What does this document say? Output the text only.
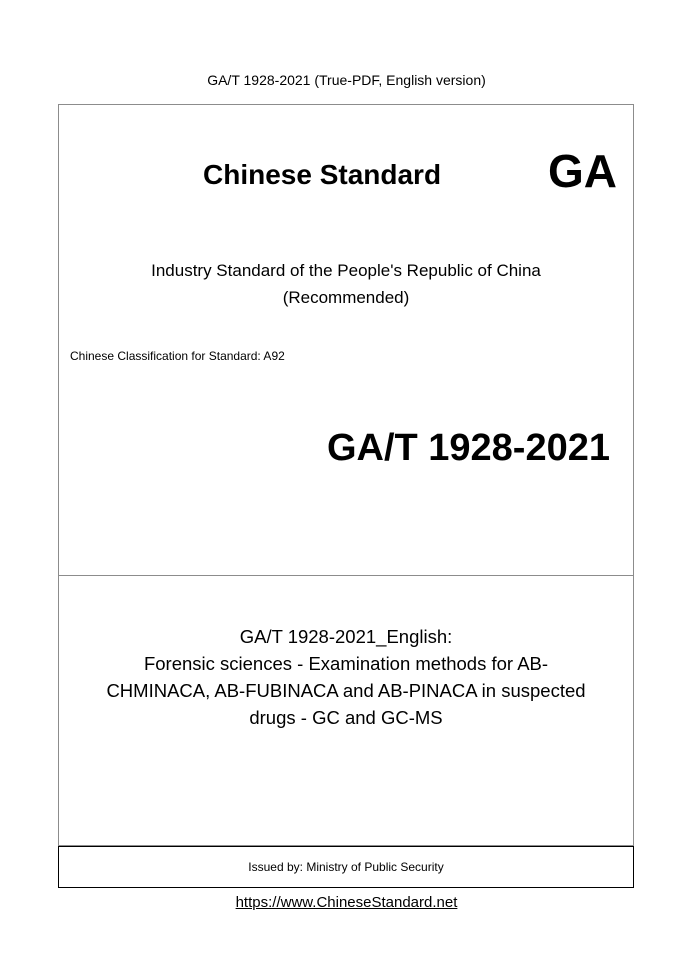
GA/T 1928-2021 (True-PDF, English version)
Chinese Standard GA
Industry Standard of the People's Republic of China
(Recommended)
Chinese Classification for Standard: A92
GA/T 1928-2021
GA/T 1928-2021_English:
Forensic sciences - Examination methods for AB-
CHMINACA, AB-FUBINACA and AB-PINACA in suspected
drugs - GC and GC-MS
Issued by: Ministry of Public Security
https://www.ChineseStandard.net
